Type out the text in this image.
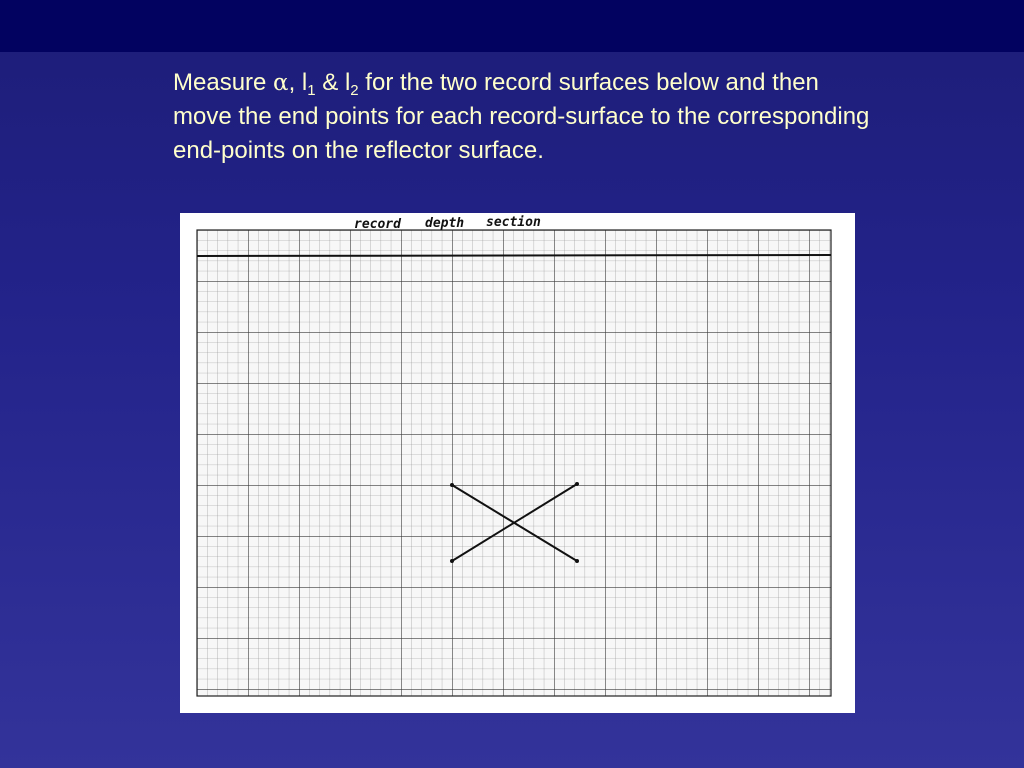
Measure α, $l_1$ & $l_2$ for the two record surfaces below and then move the end points for each record-surface to the corresponding end-points on the reflector surface.
record depth section
